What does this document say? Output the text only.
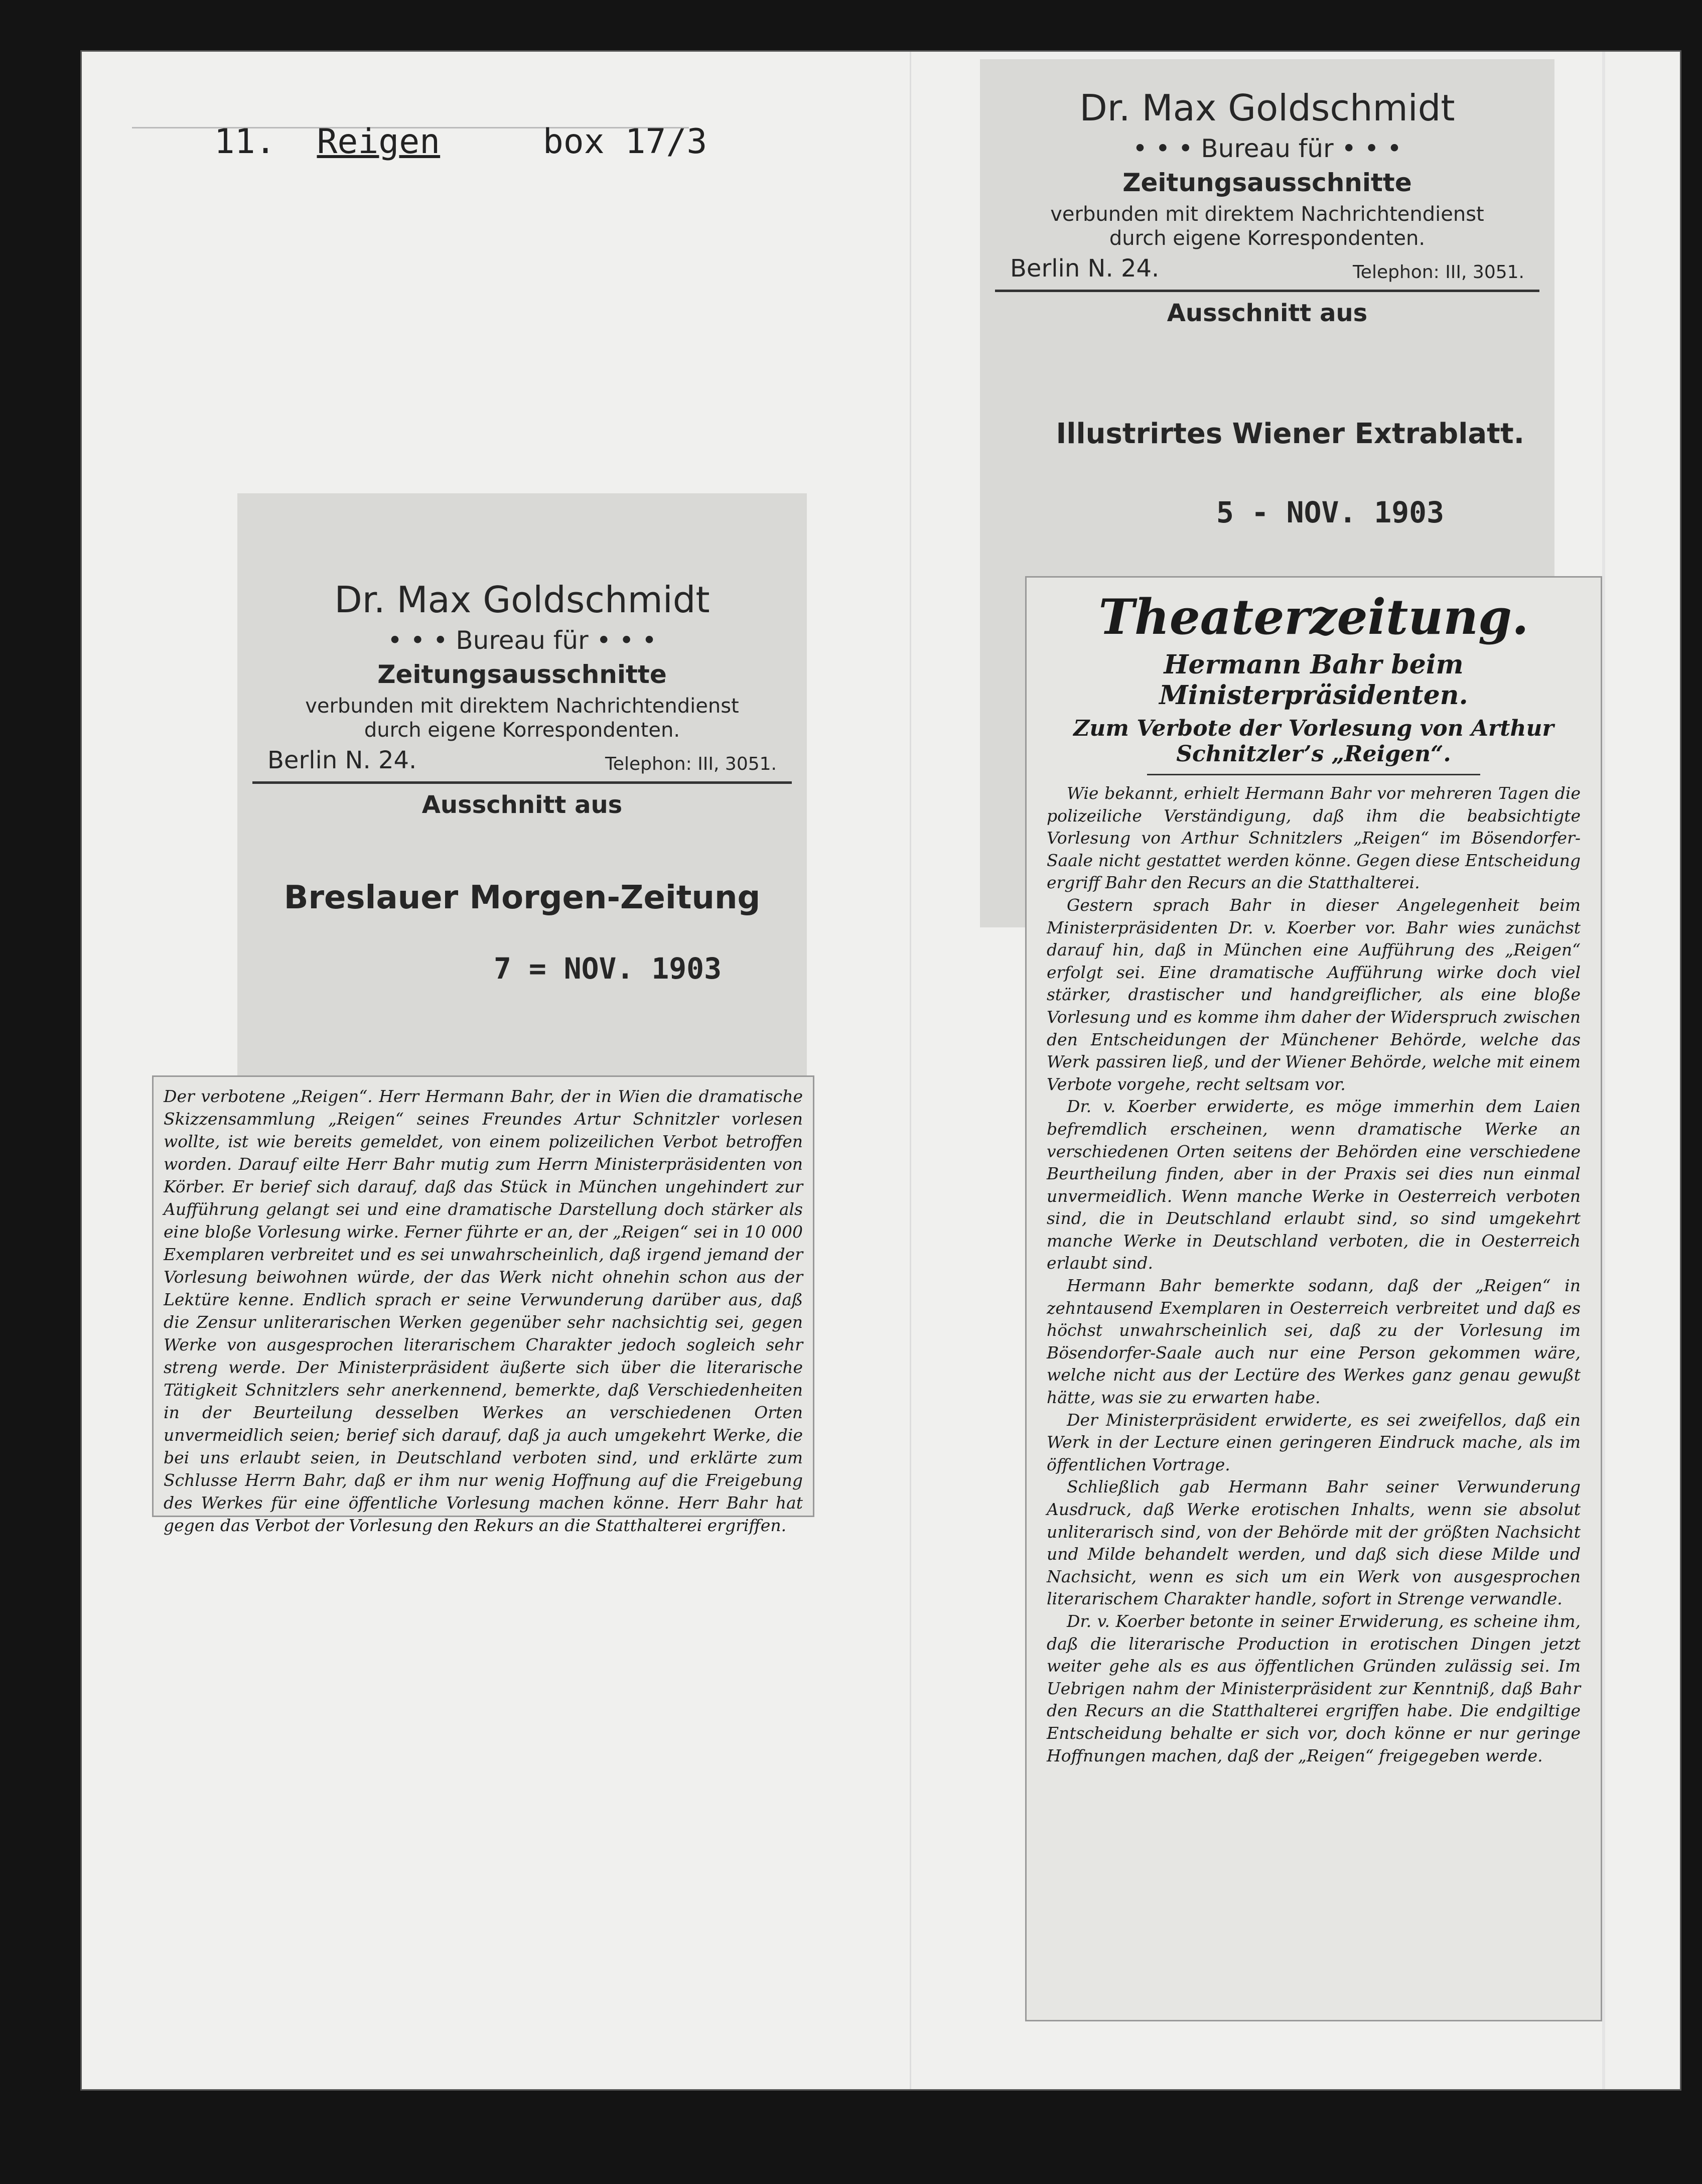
11. Reigen	box 17/3

Dr. Max Goldschmidt
• • • Bureau für • • •
Zeitungsausschnitte
verbunden mit direktem Nachrichtendienst durch eigene Korrespondenten.
Berlin N. 24.	Telephon: III, 3051.
Ausschnitt aus
Breslauer Morgen-Zeitung
7 = NOV. 1903

Der verbotene „Reigen“. Herr Hermann Bahr, der in Wien die dramatische Skizzensammlung „Reigen“ seines Freundes Artur Schnitzler vorlesen wollte, ist wie bereits gemeldet, von einem polizeilichen Verbot betroffen worden. Darauf eilte Herr Bahr mutig zum Herrn Ministerpräsidenten von Körber. Er berief sich darauf, daß das Stück in München ungehindert zur Aufführung gelangt sei und eine dramatische Darstellung doch stärker als eine bloße Vorlesung wirke. Ferner führte er an, der „Reigen“ sei in 10 000 Exemplaren verbreitet und es sei unwahrscheinlich, daß irgend jemand der Vorlesung beiwohnen würde, der das Werk nicht ohnehin schon aus der Lektüre kenne. Endlich sprach er seine Verwunderung darüber aus, daß die Zensur unliterarischen Werken gegenüber sehr nachsichtig sei, gegen Werke von ausgesprochen literarischem Charakter jedoch sogleich sehr streng werde. Der Ministerpräsident äußerte sich über die literarische Tätigkeit Schnitzlers sehr anerkennend, bemerkte, daß Verschiedenheiten in der Beurteilung desselben Werkes an verschiedenen Orten unvermeidlich seien; berief sich darauf, daß ja auch umgekehrt Werke, die bei uns erlaubt seien, in Deutschland verboten sind, und erklärte zum Schlusse Herrn Bahr, daß er ihm nur wenig Hoffnung auf die Freigebung des Werkes für eine öffentliche Vorlesung machen könne. Herr Bahr hat gegen das Verbot der Vorlesung den Rekurs an die Statthalterei ergriffen.

Dr. Max Goldschmidt
• • • Bureau für • • •
Zeitungsausschnitte
verbunden mit direktem Nachrichtendienst durch eigene Korrespondenten.
Berlin N. 24.	Telephon: III, 3051.
Ausschnitt aus
Illustrirtes Wiener Extrablatt.
5 - NOV. 1903
Theaterzeitung.
Hermann Bahr beim Ministerpräsidenten.
Zum Verbote der Vorlesung von Arthur Schnitzler’s „Reigen“.

Wie bekannt, erhielt Hermann Bahr vor mehreren Tagen die polizeiliche Verständigung, daß ihm die beabsichtigte Vorlesung von Arthur Schnitzlers „Reigen“ im Bösendorfer-Saale nicht gestattet werden könne. Gegen diese Entscheidung ergriff Bahr den Recurs an die Statthalterei.

Gestern sprach Bahr in dieser Angelegenheit beim Ministerpräsidenten Dr. v. Koerber vor. Bahr wies zunächst darauf hin, daß in München eine Aufführung des „Reigen“ erfolgt sei. Eine dramatische Aufführung wirke doch viel stärker, drastischer und handgreiflicher, als eine bloße Vorlesung und es komme ihm daher der Widerspruch zwischen den Entscheidungen der Münchener Behörde, welche das Werk passiren ließ, und der Wiener Behörde, welche mit einem Verbote vorgehe, recht seltsam vor.

Dr. v. Koerber erwiderte, es möge immerhin dem Laien befremdlich erscheinen, wenn dramatische Werke an verschiedenen Orten seitens der Behörden eine verschiedene Beurtheilung finden, aber in der Praxis sei dies nun einmal unvermeidlich. Wenn manche Werke in Oesterreich verboten sind, die in Deutschland erlaubt sind, so sind umgekehrt manche Werke in Deutschland verboten, die in Oesterreich erlaubt sind.

Hermann Bahr bemerkte sodann, daß der „Reigen“ in zehntausend Exemplaren in Oesterreich verbreitet und daß es höchst unwahrscheinlich sei, daß zu der Vorlesung im Bösendorfer-Saale auch nur eine Person gekommen wäre, welche nicht aus der Lectüre des Werkes ganz genau gewußt hätte, was sie zu erwarten habe.

Der Ministerpräsident erwiderte, es sei zweifellos, daß ein Werk in der Lecture einen geringeren Eindruck mache, als im öffentlichen Vortrage.

Schließlich gab Hermann Bahr seiner Verwunderung Ausdruck, daß Werke erotischen Inhalts, wenn sie absolut unliterarisch sind, von der Behörde mit der größten Nachsicht und Milde behandelt werden, und daß sich diese Milde und Nachsicht, wenn es sich um ein Werk von ausgesprochen literarischem Charakter handle, sofort in Strenge verwandle.

Dr. v. Koerber betonte in seiner Erwiderung, es scheine ihm, daß die literarische Production in erotischen Dingen jetzt weiter gehe als es aus öffentlichen Gründen zulässig sei. Im Uebrigen nahm der Ministerpräsident zur Kenntniß, daß Bahr den Recurs an die Statthalterei ergriffen habe. Die endgiltige Entscheidung behalte er sich vor, doch könne er nur geringe Hoffnungen machen, daß der „Reigen“ freigegeben werde.
